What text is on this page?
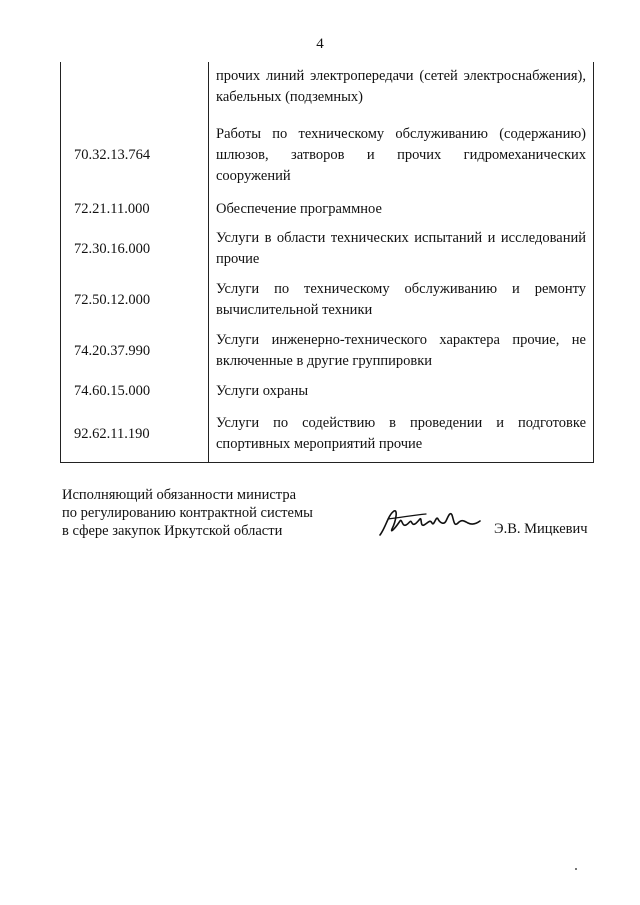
4

	прочих линий электропередачи (сетей электроснабжения),
кабельных (подземных)
70.32.13.764	Работы по техническому обслуживанию (содержанию)
шлюзов, затворов и прочих гидромеханических
сооружений
72.21.11.000	Обеспечение программное
72.30.16.000	Услуги в области технических испытаний и исследований
прочие
72.50.12.000	Услуги по техническому обслуживанию и ремонту
вычислительной техники
74.20.37.990	Услуги инженерно-технического характера прочие, не
включенные в другие группировки
74.60.15.000	Услуги охраны
92.62.11.190	Услуги по содействию в проведении и подготовке
спортивных мероприятий прочие
Исполняющий обязанности министра
по регулированию контрактной системы
в сфере закупок Иркутской области	Э.В. Мицкевич
